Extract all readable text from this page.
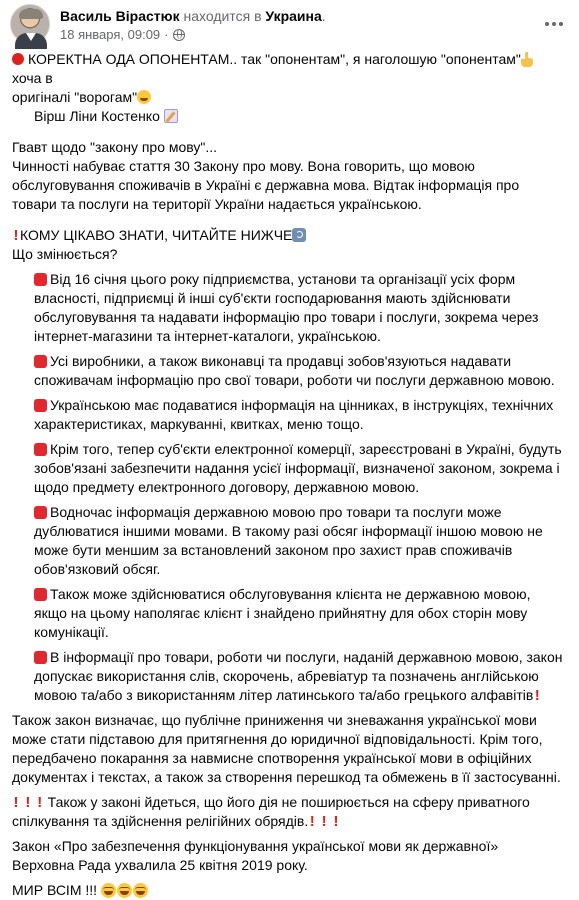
Василь Вірастюк находится в Украина.
18 января, 09:09 ·

КОРЕКТНА ОДА ОПОНЕНТАМ.. так "опонентам", я наголошую "опонентам" хоча в
оригіналі "ворогам"
Вірш Ліни Костенко

Гвавт щодо "закону про мову"...

Чинності набуває стаття 30 Закону про мову. Вона говорить, що мовою обслуговування споживачів в Україні є державна мова. Відтак інформація про товари та послуги на території України надається українською.

! КОМУ ЦІКАВО ЗНАТИ, ЧИТАЙТЕ НИЖЧЕ

Що змінюється?

Від 16 січня цього року підприємства, установи та організації усіх форм власності, підприємці й інші суб'єкти господарювання мають здійснювати обслуговування та надавати інформацію про товари і послуги, зокрема через інтернет-магазини та інтернет-каталоги, українською.

Усі виробники, а також виконавці та продавці зобов'язуються надавати споживачам інформацію про свої товари, роботи чи послуги державною мовою.

Українською має подаватися інформація на цінниках, в інструкціях, технічних характеристиках, маркуванні, квитках, меню тощо.

Крім того, тепер суб'єкти електронної комерції, зареєстровані в Україні, будуть зобов'язані забезпечити надання усієї інформації, визначеної законом, зокрема і щодо предмету електронного договору, державною мовою.

Водночас інформація державною мовою про товари та послуги може дублюватися іншими мовами. В такому разі обсяг інформації іншою мовою не може бути меншим за встановлений законом про захист прав споживачів обов'язковий обсяг.

Також може здійснюватися обслуговування клієнта не державною мовою, якщо на цьому наполягає клієнт і знайдено прийнятну для обох сторін мову комунікації.

В інформації про товари, роботи чи послуги, наданій державною мовою, закон допускає використання слів, скорочень, абревіатур та позначень англійською мовою та/або з використанням літер латинського та/або грецького алфавітів !

Також закон визначає, що публічне приниження чи зневажання української мови може стати підставою для притягнення до юридичної відповідальності. Крім того, передбачено покарання за навмисне спотворення української мови в офіційних документах і текстах, а також за створення перешкод та обмежень в її застосуванні.

! ! ! Також у законі йдеться, що його дія не поширюється на сферу приватного спілкування та здійснення релігійних обрядів. ! ! !

Закон «Про забезпечення функціонування української мови як державної» Верховна Рада ухвалила 25 квітня 2019 року.

МИР ВСІМ !!!
